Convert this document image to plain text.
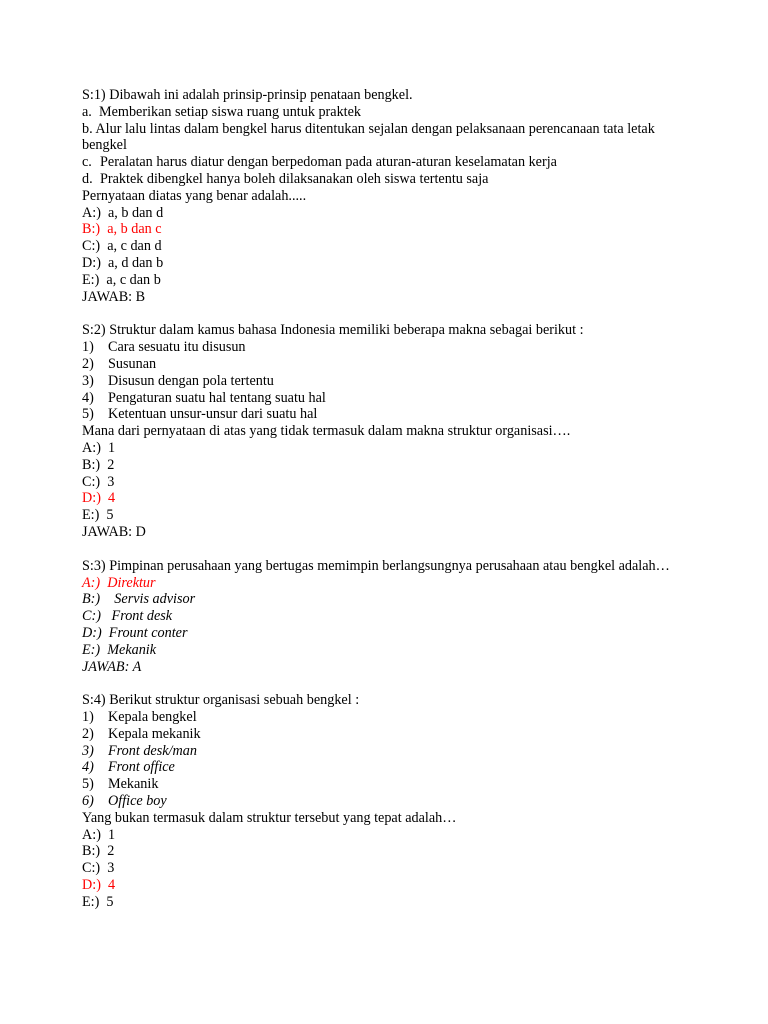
S:1) Dibawah ini adalah prinsip-prinsip penataan bengkel.
a. Memberikan setiap siswa ruang untuk praktek
b. Alur lalu lintas dalam bengkel harus ditentukan sejalan dengan pelaksanaan perencanaan tata letak bengkel
c. Peralatan harus diatur dengan berpedoman pada aturan-aturan keselamatan kerja
d. Praktek dibengkel hanya boleh dilaksanakan oleh siswa tertentu saja
Pernyataan diatas yang benar adalah.....
A:)  a, b dan d
B:)  a, b dan c
C:)  a, c dan d
D:)  a, d dan b
E:)  a, c dan b
JAWAB: B
S:2) Struktur dalam kamus bahasa Indonesia memiliki beberapa makna sebagai berikut :
1) Cara sesuatu itu disusun
2) Susunan
3) Disusun dengan pola tertentu
4) Pengaturan suatu hal tentang suatu hal
5) Ketentuan unsur-unsur dari suatu hal
Mana dari pernyataan di atas yang tidak termasuk dalam makna struktur organisasi….
A:)  1
B:)  2
C:)  3
D:)  4
E:)  5
JAWAB: D
S:3) Pimpinan perusahaan yang bertugas memimpin berlangsungnya perusahaan atau bengkel adalah…
A:)  Direktur
B:)    Servis advisor
C:)   Front desk
D:)  Frount conter
E:)  Mekanik
JAWAB: A
S:4) Berikut struktur organisasi sebuah bengkel :
1) Kepala bengkel
2) Kepala mekanik
3) Front desk/man
4) Front office
5) Mekanik
6) Office boy
Yang bukan termasuk dalam struktur tersebut yang tepat adalah…
A:)  1
B:)  2
C:)  3
D:)  4
E:)  5
